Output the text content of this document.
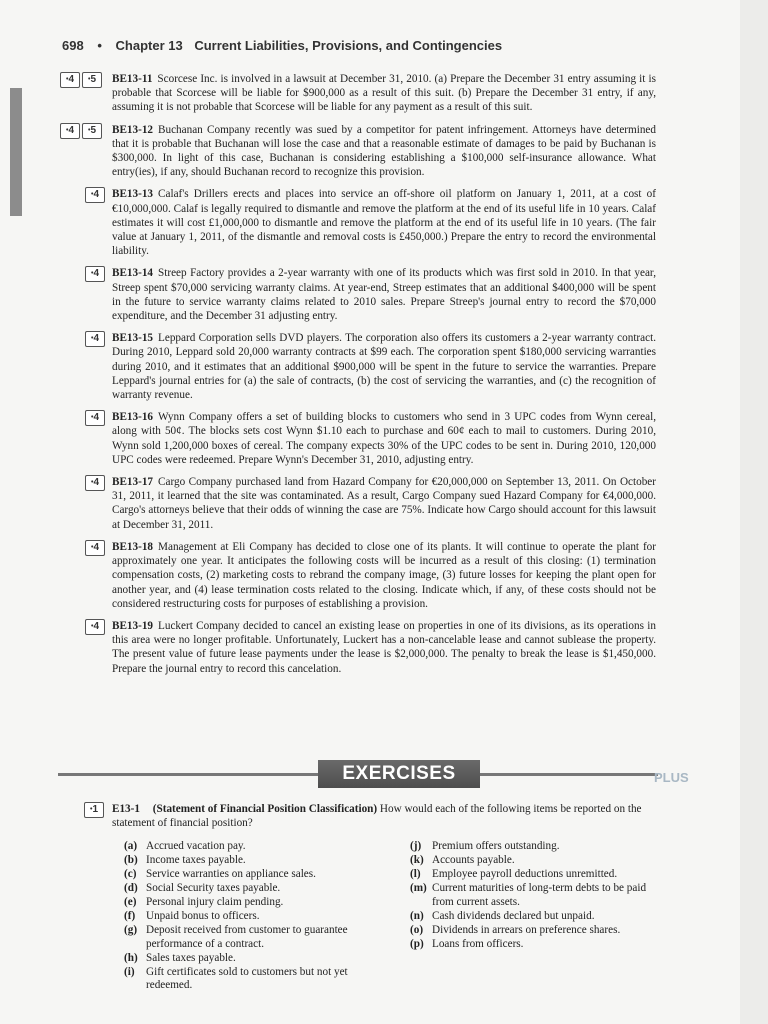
698 • Chapter 13 Current Liabilities, Provisions, and Contingencies
•4	•5	BE13-11 Scorcese Inc. is involved in a lawsuit at December 31, 2010. (a) Prepare the December 31 entry assuming it is probable that Scorcese will be liable for $900,000 as a result of this suit. (b) Prepare the December 31 entry, if any, assuming it is not probable that Scorcese will be liable for any payment as a result of this suit.
•4	•5	BE13-12 Buchanan Company recently was sued by a competitor for patent infringement. Attorneys have determined that it is probable that Buchanan will lose the case and that a reasonable estimate of damages to be paid by Buchanan is $300,000. In light of this case, Buchanan is considering establishing a $100,000 self-insurance allowance. What entry(ies), if any, should Buchanan record to recognize this provision.
•4	BE13-13 Calaf's Drillers erects and places into service an off-shore oil platform on January 1, 2011, at a cost of €10,000,000. Calaf is legally required to dismantle and remove the platform at the end of its useful life in 10 years. Calaf estimates it will cost £1,000,000 to dismantle and remove the platform at the end of its useful life in 10 years. (The fair value at January 1, 2011, of the dismantle and removal costs is £450,000.) Prepare the entry to record the environmental liability.
•4	BE13-14 Streep Factory provides a 2-year warranty with one of its products which was first sold in 2010. In that year, Streep spent $70,000 servicing warranty claims. At year-end, Streep estimates that an additional $400,000 will be spent in the future to service warranty claims related to 2010 sales. Prepare Streep's journal entry to record the $70,000 expenditure, and the December 31 adjusting entry.
•4	BE13-15 Leppard Corporation sells DVD players. The corporation also offers its customers a 2-year warranty contract. During 2010, Leppard sold 20,000 warranty contracts at $99 each. The corporation spent $180,000 servicing warranties during 2010, and it estimates that an additional $900,000 will be spent in the future to service the warranties. Prepare Leppard's journal entries for (a) the sale of contracts, (b) the cost of servicing the warranties, and (c) the recognition of warranty revenue.
•4	BE13-16 Wynn Company offers a set of building blocks to customers who send in 3 UPC codes from Wynn cereal, along with 50¢. The blocks sets cost Wynn $1.10 each to purchase and 60¢ each to mail to customers. During 2010, Wynn sold 1,200,000 boxes of cereal. The company expects 30% of the UPC codes to be sent in. During 2010, 120,000 UPC codes were redeemed. Prepare Wynn's December 31, 2010, adjusting entry.
•4	BE13-17 Cargo Company purchased land from Hazard Company for €20,000,000 on September 13, 2011. On October 31, 2011, it learned that the site was contaminated. As a result, Cargo Company sued Hazard Company for €4,000,000. Cargo's attorneys believe that their odds of winning the case are 75%. Indicate how Cargo should account for this lawsuit at December 31, 2011.
•4	BE13-18 Management at Eli Company has decided to close one of its plants. It will continue to operate the plant for approximately one year. It anticipates the following costs will be incurred as a result of this closing: (1) termination compensation costs, (2) marketing costs to rebrand the company image, (3) future losses for keeping the plant open for another year, and (4) lease termination costs related to the closing. Indicate which, if any, of these costs should not be considered restructuring costs for purposes of establishing a provision.
•4	BE13-19 Luckert Company decided to cancel an existing lease on properties in one of its divisions, as its operations in this area were no longer profitable. Unfortunately, Luckert has a non-cancelable lease and cannot sublease the property. The present value of future lease payments under the lease is $2,000,000. The penalty to break the lease is $1,450,000. Prepare the journal entry to record this cancelation.
EXERCISES	PLUS
•1	E13-1 (Statement of Financial Position Classification) How would each of the following items be reported on the statement of financial position?
(a) Accrued vacation pay.
(b) Income taxes payable.
(c) Service warranties on appliance sales.
(d) Social Security taxes payable.
(e) Personal injury claim pending.
(f) Unpaid bonus to officers.
(g) Deposit received from customer to guarantee performance of a contract.
(h) Sales taxes payable.
(i) Gift certificates sold to customers but not yet redeemed.
(j) Premium offers outstanding.
(k) Accounts payable.
(l) Employee payroll deductions unremitted.
(m) Current maturities of long-term debts to be paid from current assets.
(n) Cash dividends declared but unpaid.
(o) Dividends in arrears on preference shares.
(p) Loans from officers.
